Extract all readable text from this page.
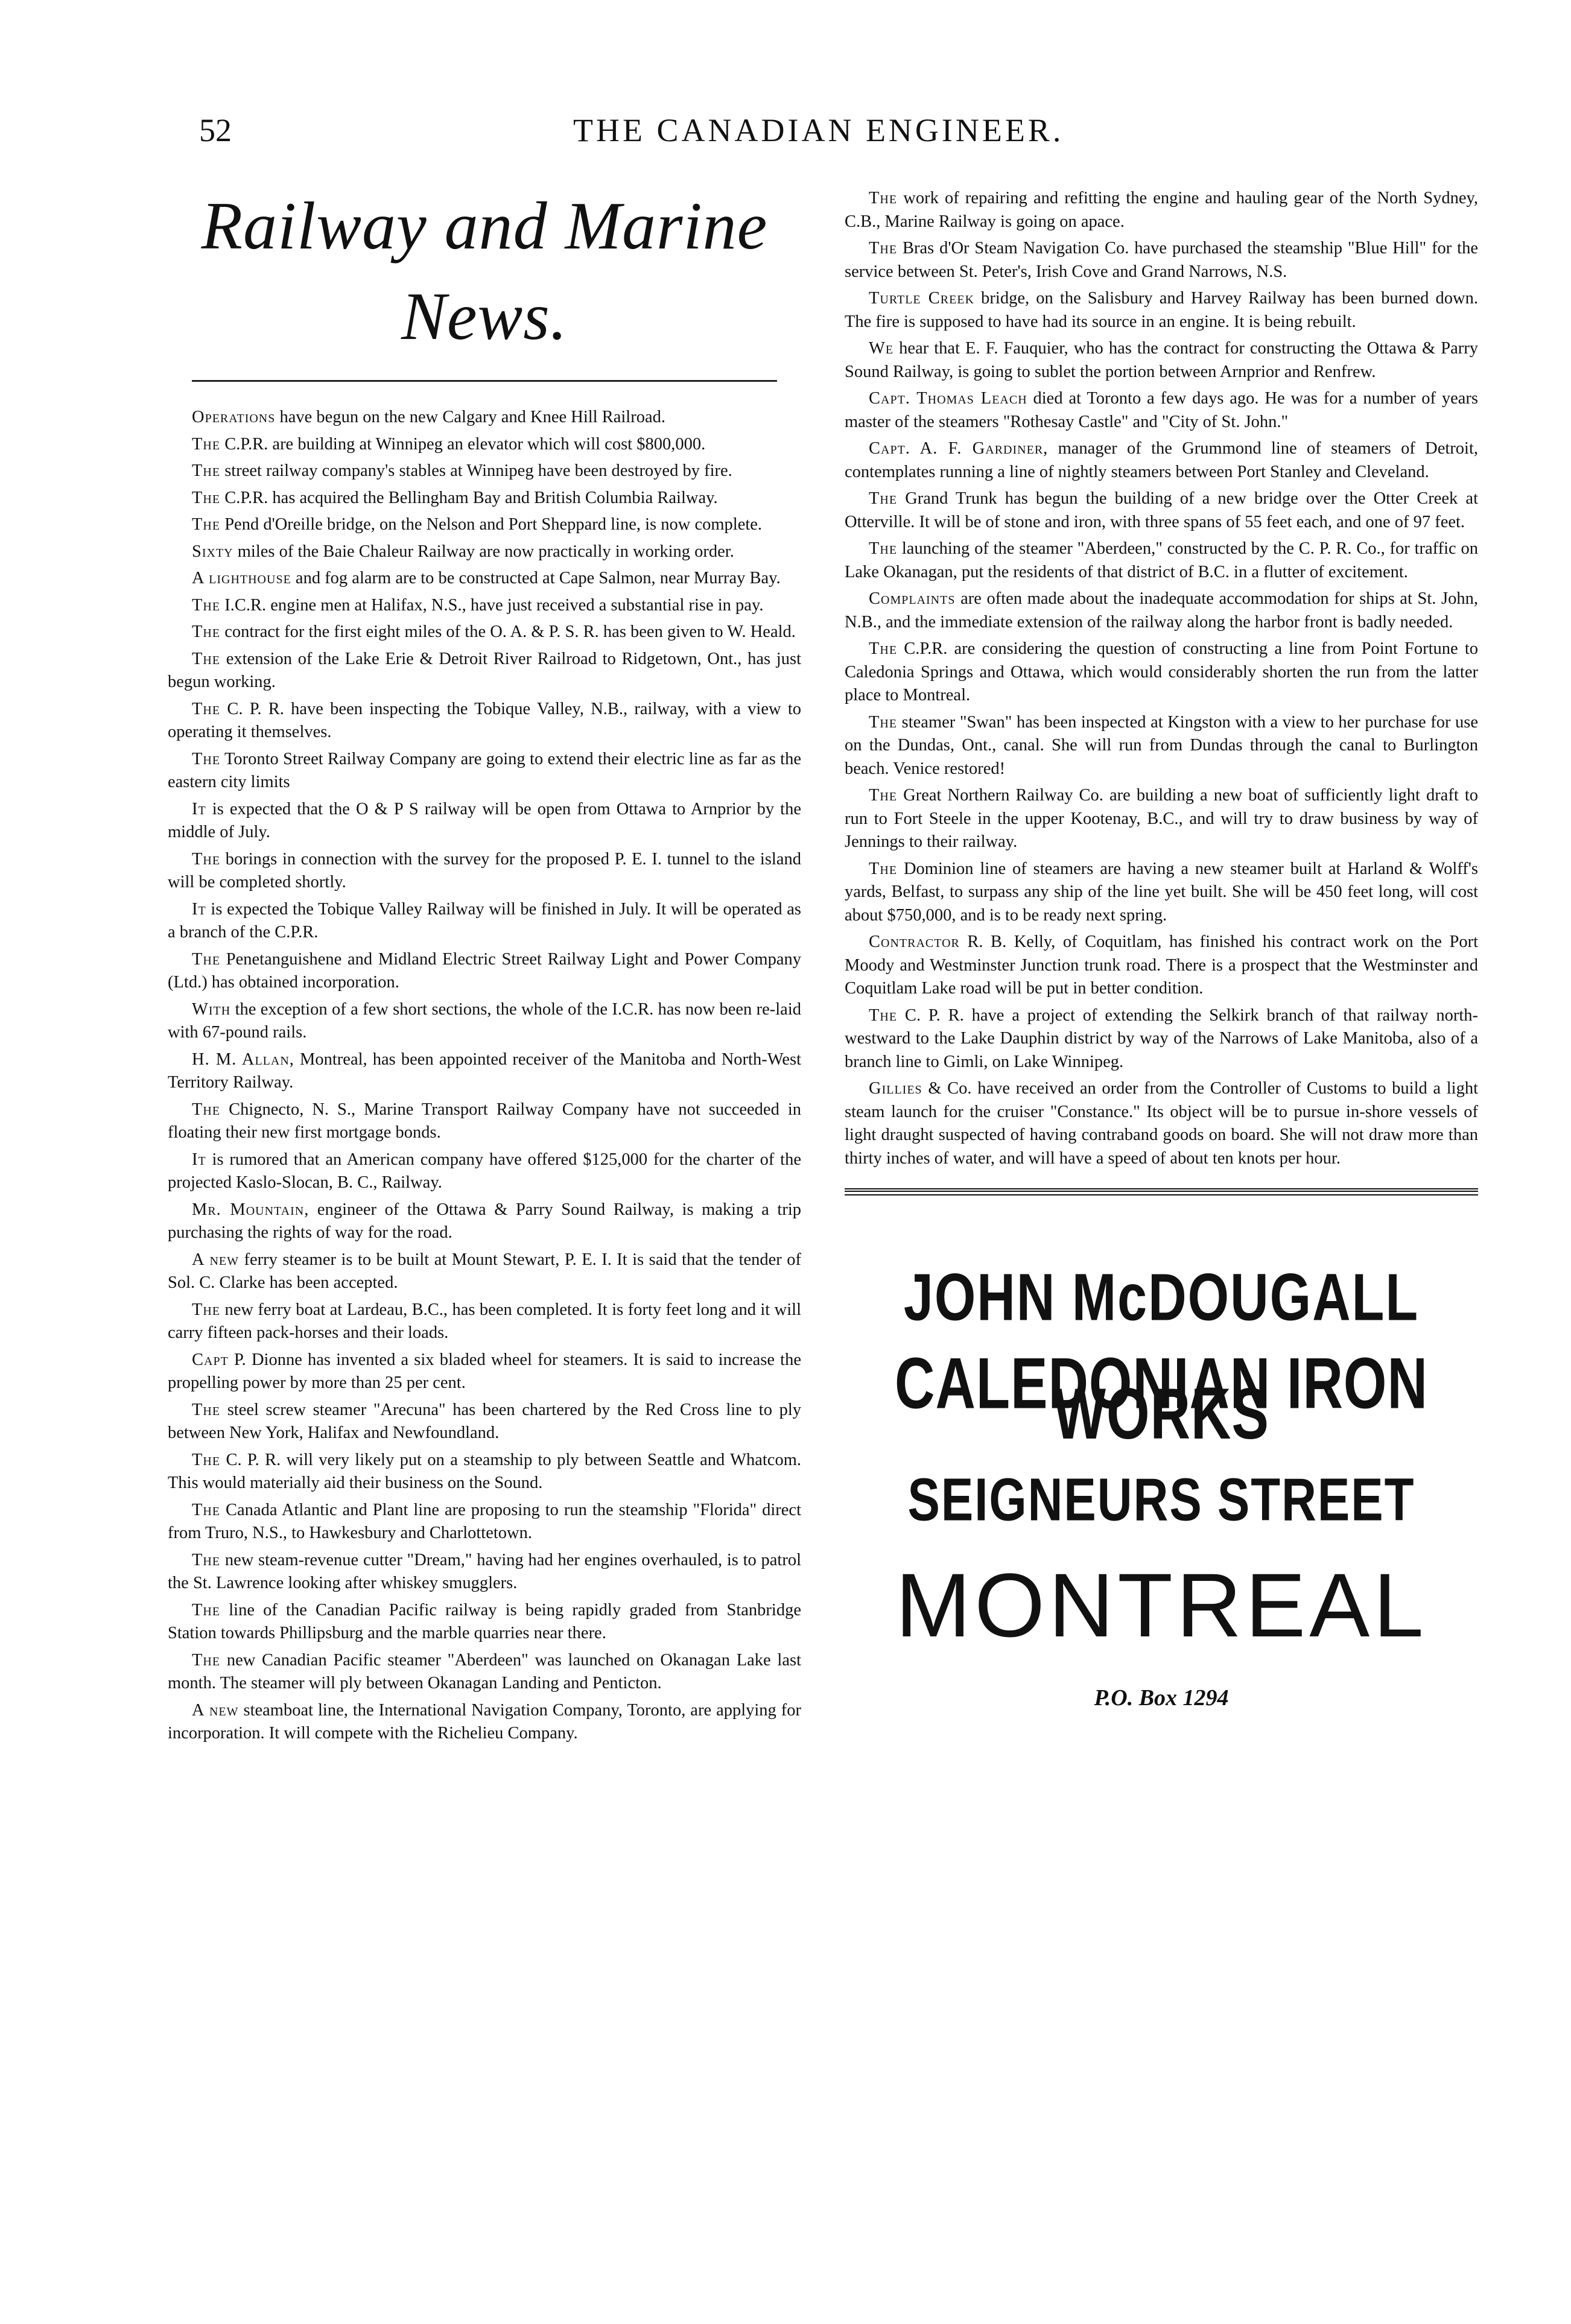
52	THE CANADIAN ENGINEER.
Railway and Marine News.

Operations have begun on the new Calgary and Knee Hill Railroad.

The C.P.R. are building at Winnipeg an elevator which will cost $800,000.

The street railway company's stables at Winnipeg have been destroyed by fire.

The C.P.R. has acquired the Bellingham Bay and British Columbia Railway.

The Pend d'Oreille bridge, on the Nelson and Port Sheppard line, is now complete.

Sixty miles of the Baie Chaleur Railway are now practically in working order.

A lighthouse and fog alarm are to be constructed at Cape Salmon, near Murray Bay.

The I.C.R. engine men at Halifax, N.S., have just received a substantial rise in pay.

The contract for the first eight miles of the O. A. & P. S. R. has been given to W. Heald.

The extension of the Lake Erie & Detroit River Railroad to Ridgetown, Ont., has just begun working.

The C. P. R. have been inspecting the Tobique Valley, N.B., railway, with a view to operating it themselves.

The Toronto Street Railway Company are going to extend their electric line as far as the eastern city limits

It is expected that the O & P S railway will be open from Ottawa to Arnprior by the middle of July.

The borings in connection with the survey for the proposed P. E. I. tunnel to the island will be completed shortly.

It is expected the Tobique Valley Railway will be finished in July. It will be operated as a branch of the C.P.R.

The Penetanguishene and Midland Electric Street Railway Light and Power Company (Ltd.) has obtained incorporation.

With the exception of a few short sections, the whole of the I.C.R. has now been re-laid with 67-pound rails.

H. M. Allan, Montreal, has been appointed receiver of the Manitoba and North-West Territory Railway.

The Chignecto, N. S., Marine Transport Railway Company have not succeeded in floating their new first mortgage bonds.

It is rumored that an American company have offered $125,000 for the charter of the projected Kaslo-Slocan, B. C., Railway.

Mr. Mountain, engineer of the Ottawa & Parry Sound Railway, is making a trip purchasing the rights of way for the road.

A new ferry steamer is to be built at Mount Stewart, P. E. I. It is said that the tender of Sol. C. Clarke has been accepted.

The new ferry boat at Lardeau, B.C., has been completed. It is forty feet long and it will carry fifteen pack-horses and their loads.

Capt P. Dionne has invented a six bladed wheel for steamers. It is said to increase the propelling power by more than 25 per cent.

The steel screw steamer "Arecuna" has been chartered by the Red Cross line to ply between New York, Halifax and Newfoundland.

The C. P. R. will very likely put on a steamship to ply between Seattle and Whatcom. This would materially aid their business on the Sound.

The Canada Atlantic and Plant line are proposing to run the steamship "Florida" direct from Truro, N.S., to Hawkesbury and Charlottetown.

The new steam-revenue cutter "Dream," having had her engines overhauled, is to patrol the St. Lawrence looking after whiskey smugglers.

The line of the Canadian Pacific railway is being rapidly graded from Stanbridge Station towards Phillipsburg and the marble quarries near there.

The new Canadian Pacific steamer "Aberdeen" was launched on Okanagan Lake last month. The steamer will ply between Okanagan Landing and Penticton.

A new steamboat line, the International Navigation Company, Toronto, are applying for incorporation. It will compete with the Richelieu Company.

The work of repairing and refitting the engine and hauling gear of the North Sydney, C.B., Marine Railway is going on apace.

The Bras d'Or Steam Navigation Co. have purchased the steamship "Blue Hill" for the service between St. Peter's, Irish Cove and Grand Narrows, N.S.

Turtle Creek bridge, on the Salisbury and Harvey Railway has been burned down. The fire is supposed to have had its source in an engine. It is being rebuilt.

We hear that E. F. Fauquier, who has the contract for constructing the Ottawa & Parry Sound Railway, is going to sublet the portion between Arnprior and Renfrew.

Capt. Thomas Leach died at Toronto a few days ago. He was for a number of years master of the steamers "Rothesay Castle" and "City of St. John."

Capt. A. F. Gardiner, manager of the Grummond line of steamers of Detroit, contemplates running a line of nightly steamers between Port Stanley and Cleveland.

The Grand Trunk has begun the building of a new bridge over the Otter Creek at Otterville. It will be of stone and iron, with three spans of 55 feet each, and one of 97 feet.

The launching of the steamer "Aberdeen," constructed by the C. P. R. Co., for traffic on Lake Okanagan, put the residents of that district of B.C. in a flutter of excitement.

Complaints are often made about the inadequate accommodation for ships at St. John, N.B., and the immediate extension of the railway along the harbor front is badly needed.

The C.P.R. are considering the question of constructing a line from Point Fortune to Caledonia Springs and Ottawa, which would considerably shorten the run from the latter place to Montreal.

The steamer "Swan" has been inspected at Kingston with a view to her purchase for use on the Dundas, Ont., canal. She will run from Dundas through the canal to Burlington beach. Venice restored!

The Great Northern Railway Co. are building a new boat of sufficiently light draft to run to Fort Steele in the upper Kootenay, B.C., and will try to draw business by way of Jennings to their railway.

The Dominion line of steamers are having a new steamer built at Harland & Wolff's yards, Belfast, to surpass any ship of the line yet built. She will be 450 feet long, will cost about $750,000, and is to be ready next spring.

Contractor R. B. Kelly, of Coquitlam, has finished his contract work on the Port Moody and Westminster Junction trunk road. There is a prospect that the Westminster and Coquitlam Lake road will be put in better condition.

The C. P. R. have a project of extending the Selkirk branch of that railway north-westward to the Lake Dauphin district by way of the Narrows of Lake Manitoba, also of a branch line to Gimli, on Lake Winnipeg.

Gillies & Co. have received an order from the Controller of Customs to build a light steam launch for the cruiser "Constance." Its object will be to pursue in-shore vessels of light draught suspected of having contraband goods on board. She will not draw more than thirty inches of water, and will have a speed of about ten knots per hour.

JOHN McDOUGALL
CALEDONIAN IRON WORKS
SEIGNEURS STREET
MONTREAL
P.O. Box 1294
